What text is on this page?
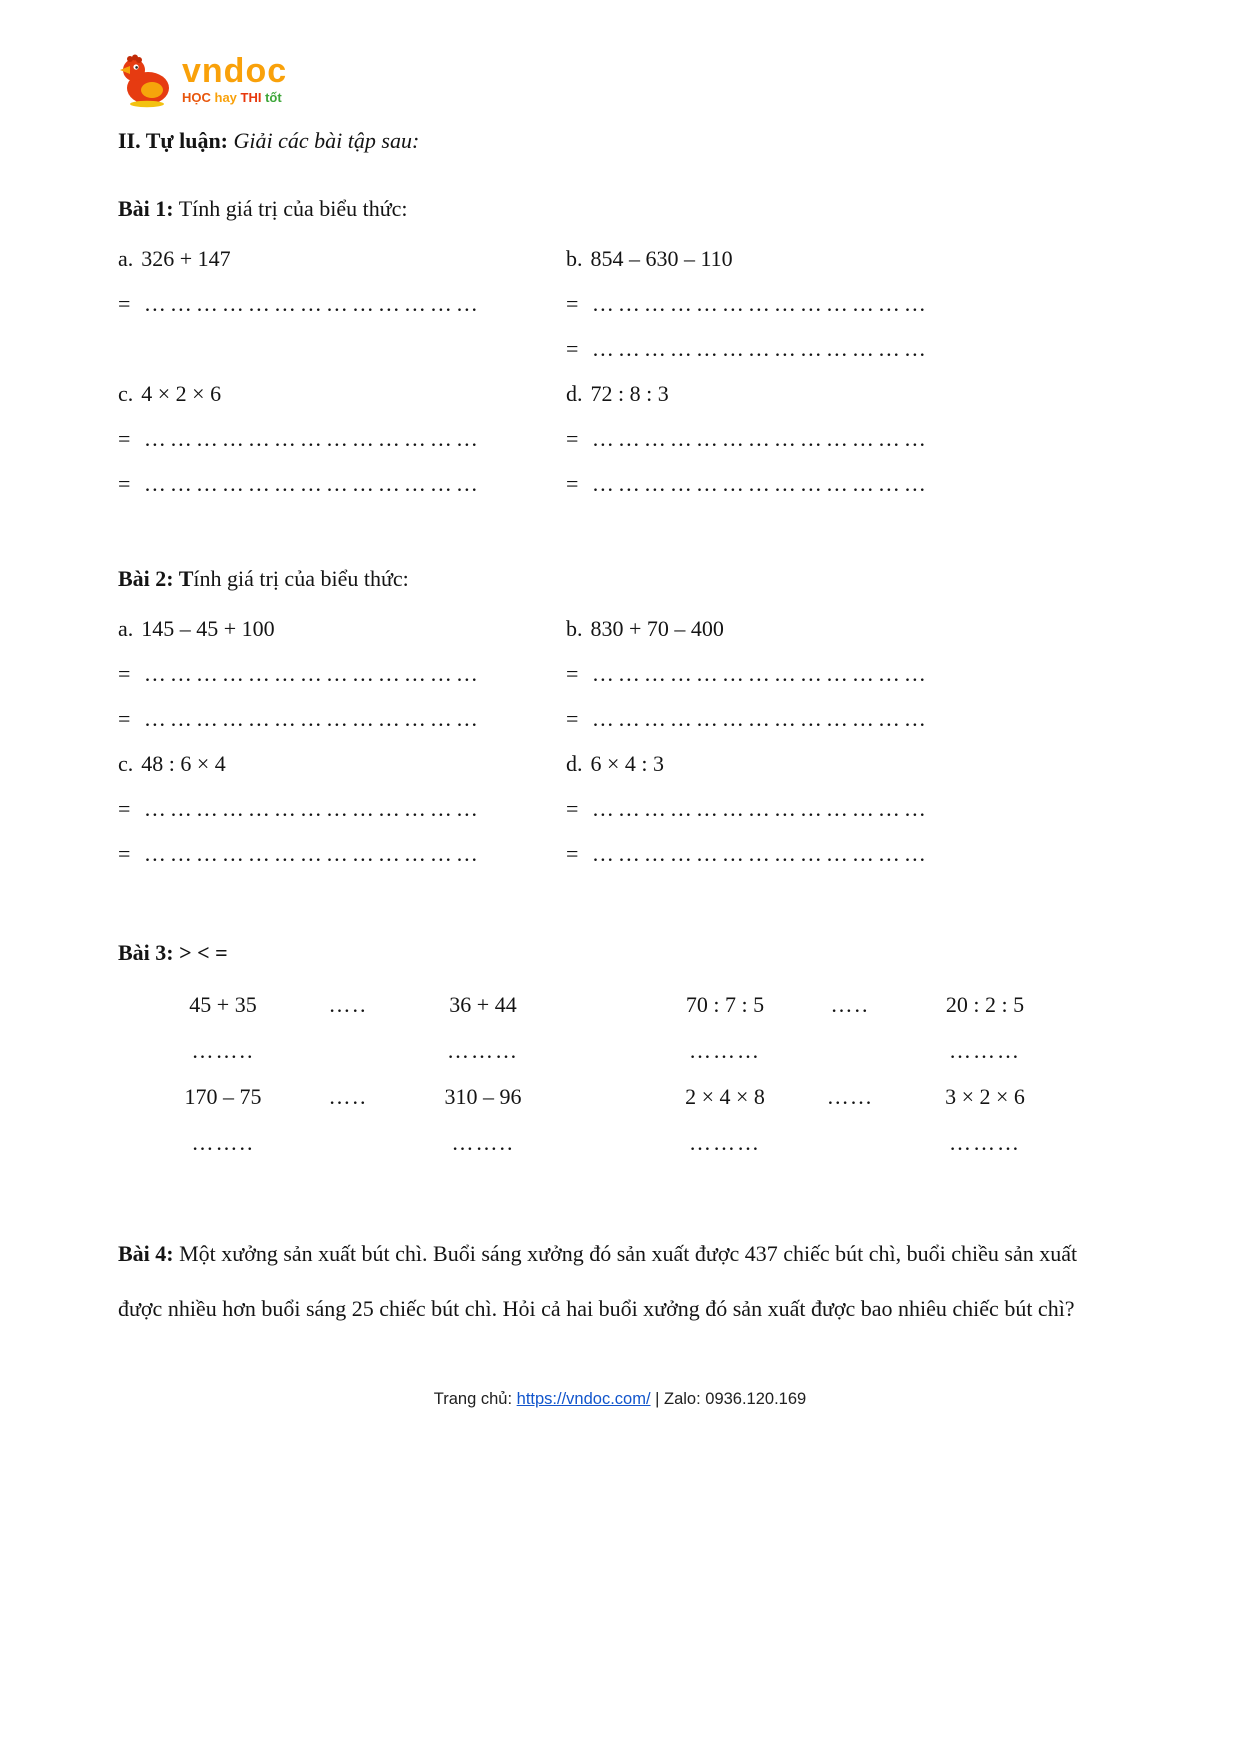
vndoc
HỌC hay THI tốt
II. Tự luận: Giải các bài tập sau:
Bài 1: Tính giá trị của biểu thức:
a. 326 + 147
= …………………………………
b. 854 – 630 – 110
= …………………………………
= …………………………………
c. 4 × 2 × 6
= …………………………………
= …………………………………
d. 72 : 8 : 3
= …………………………………
= …………………………………
Bài 2: Tính giá trị của biểu thức:
a. 145 – 45 + 100
= …………………………………
= …………………………………
b. 830 + 70 – 400
= …………………………………
= …………………………………
c. 48 : 6 × 4
= …………………………………
= …………………………………
d. 6 × 4 : 3
= …………………………………
= …………………………………
Bài 3: > < =
45 + 35	…..	36 + 44
……..	………
170 – 75	…..	310 – 96
……..	……..
70 : 7 : 5	…..	20 : 2 : 5
………	………
2 × 4 × 8	…...	3 × 2 × 6
………	………

Bài 4: Một xưởng sản xuất bút chì. Buổi sáng xưởng đó sản xuất được 437 chiếc bút chì, buổi chiều sản xuất được nhiều hơn buổi sáng 25 chiếc bút chì. Hỏi cả hai buổi xưởng đó sản xuất được bao nhiêu chiếc bút chì?

Trang chủ: https://vndoc.com/ | Zalo: 0936.120.169
